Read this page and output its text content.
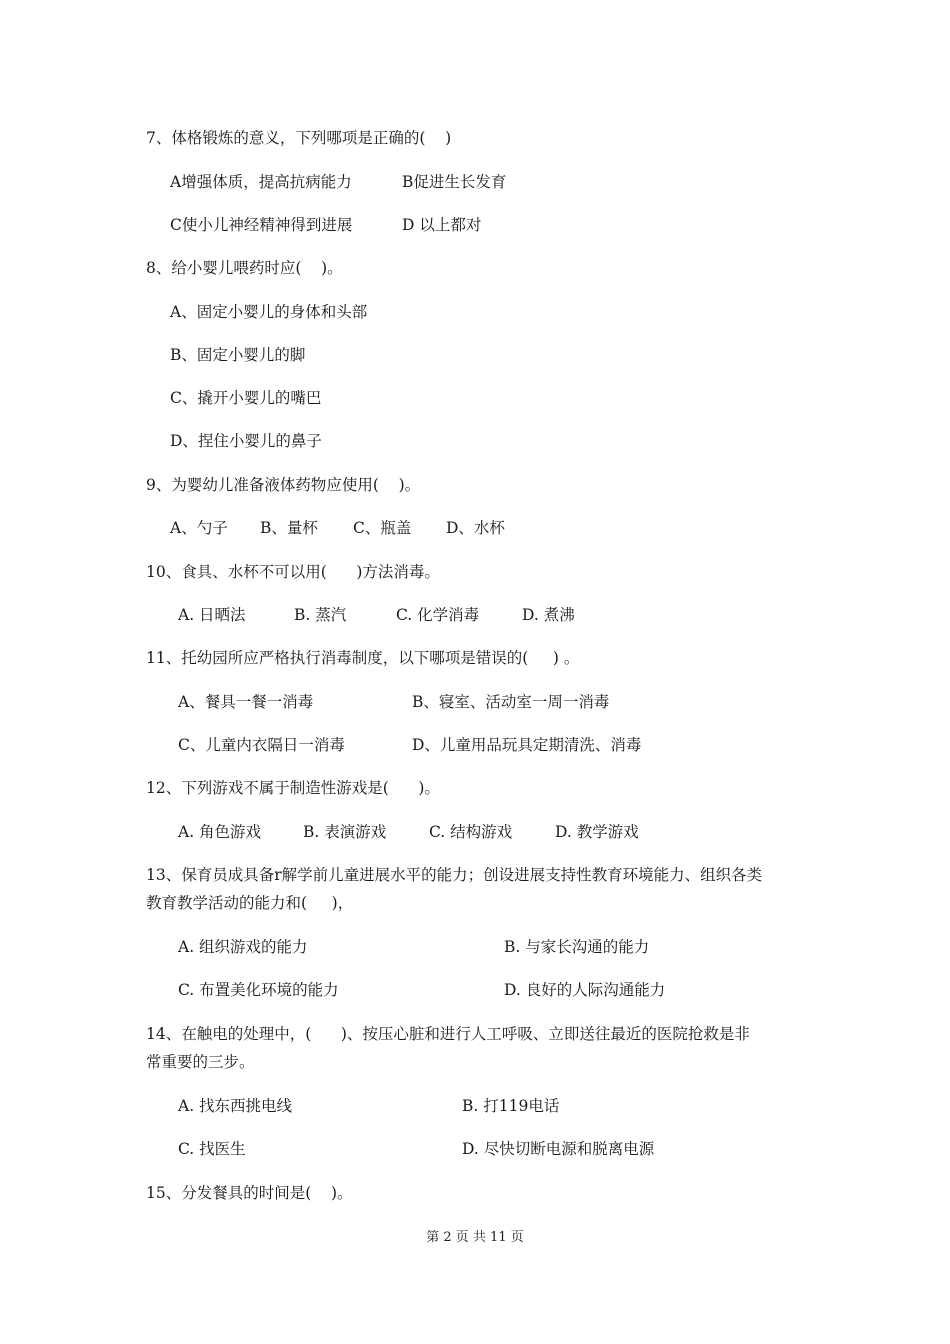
7、体格锻炼的意义，下列哪项是正确的(    )
A增强体质，提高抗病能力	B促进生长发育
C使小儿神经精神得到进展	D 以上都对
8、给小婴儿喂药时应(    )。
A、固定小婴儿的身体和头部
B、固定小婴儿的脚
C、撬开小婴儿的嘴巴
D、捏住小婴儿的鼻子
9、为婴幼儿准备液体药物应使用(    )。
A、勺子 B、量杯 C、瓶盖 D、水杯
10、食具、水杯不可以用(      )方法消毒。
A. 日晒法	B. 蒸汽	C. 化学消毒	D. 煮沸
11、托幼园所应严格执行消毒制度，以下哪项是错误的(     ) 。
A、餐具一餐一消毒	B、寝室、活动室一周一消毒
C、儿童内衣隔日一消毒	D、儿童用品玩具定期清洗、消毒
12、下列游戏不属于制造性游戏是(      )。
A. 角色游戏	B. 表演游戏	C. 结构游戏	D. 教学游戏
13、保育员成具备r解学前儿童进展水平的能力；创设进展支持性教育环境能力、组织各类
教育教学活动的能力和(     )，
A. 组织游戏的能力	B. 与家长沟通的能力
C. 布置美化环境的能力	D. 良好的人际沟通能力
14、在触电的处理中，(      )、按压心脏和进行人工呼吸、立即送往最近的医院抢救是非
常重要的三步。
A. 找东西挑电线	B. 打119电话
C. 找医生	D. 尽快切断电源和脱离电源
15、分发餐具的时间是(    )。
第 2 页 共 11 页
